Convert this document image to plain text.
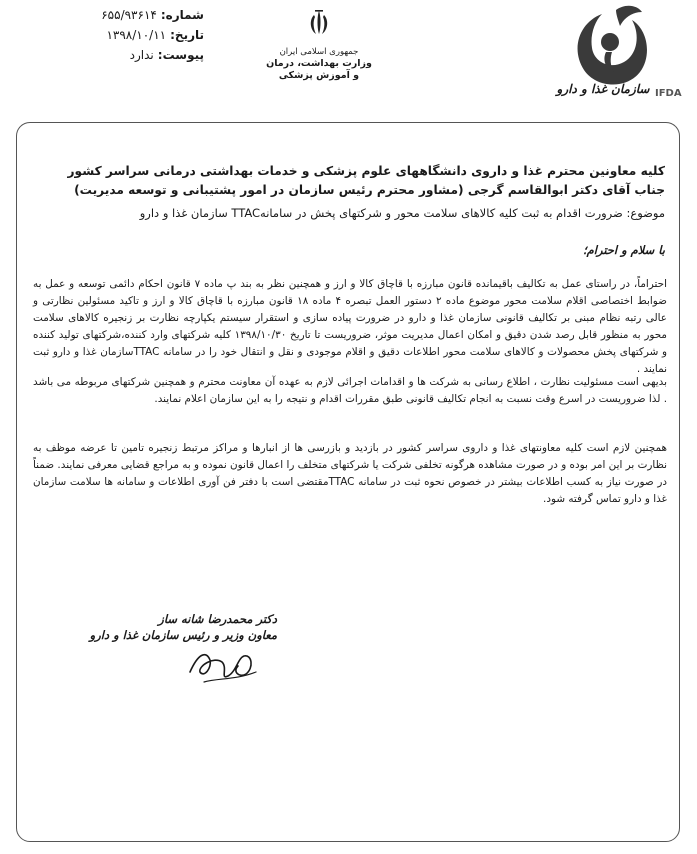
شماره:
۶۵۵/۹۳۶۱۴
تاریخ:
۱۳۹۸/۱۰/۱۱
پیوست:
ندارد	جمهوری اسلامی ایران
وزارت بهداشت، درمان
و آموزش پزشکی
سازمان غذا و دارو IFDA
کلیه معاونین محترم غذا و داروی دانشگاههای علوم پزشکی و خدمات بهداشتی درمانی سراسر کشور
جناب آقای دکتر ابوالقاسم گرجی (مشاور محترم رئیس سازمان در امور پشتیبانی و توسعه مدیریت)
موضوع: ضرورت اقدام به ثبت کلیه کالاهای سلامت محور و شرکتهای پخش در سامانهTTAC سازمان غذا و دارو
با سلام و احترام؛

احتراماً، در راستای عمل به تکالیف باقیمانده قانون مبارزه با قاچاق کالا و ارز و همچنین نظر به بند پ ماده ۷ قانون احکام دائمی توسعه و عمل به ضوابط اختصاصی اقلام سلامت محور موضوع ماده ۲ دستور العمل تبصره ۴ ماده ۱۸ قانون مبارزه با قاچاق کالا و ارز و تاکید مسئولین نظارتی و عالی رتبه نظام مبنی بر تکالیف قانونی سازمان غذا و دارو در ضرورت پیاده سازی و استقرار سیستم یکپارچه نظارت بر زنجیره کالاهای سلامت محور به منظور قابل رصد شدن دقیق و امکان اعمال مدیریت موثر، ضروریست تا تاریخ ۱۳۹۸/۱۰/۳۰ کلیه شرکتهای وارد کننده،شرکتهای تولید کننده و شرکتهای پخش محصولات و کالاهای سلامت محور اطلاعات دقیق و اقلام موجودی و نقل و انتقال خود را در سامانه TTACسازمان غذا و دارو ثبت نمایند .

بدیهی است مسئولیت نظارت ، اطلاع رسانی به شرکت ها و اقدامات اجرائی لازم به عهده آن معاونت محترم و همچنین شرکتهای مربوطه می باشد . لذا ضروریست در اسرع وقت نسبت به انجام تکالیف قانونی طبق مقررات اقدام و نتیجه را به این سازمان اعلام نمایند.

همچنین لازم است کلیه معاونتهای غذا و داروی سراسر کشور در بازدید و بازرسی ها از انبارها و مراکز مرتبط زنجیره تامین تا عرضه موظف به نظارت بر این امر بوده و در صورت مشاهده هرگونه تخلفی شرکت یا شرکتهای متخلف را اعمال قانون نموده و به مراجع قضایی معرفی نمایند. ضمناً در صورت نیاز به کسب اطلاعات بیشتر در خصوص نحوه ثبت در سامانه TTACمقتضی است با دفتر فن آوری اطلاعات و سامانه ها سلامت سازمان غذا و دارو تماس گرفته شود.

دکتر محمدرضا شانه ساز
معاون وزیر و رئیس سازمان غذا و دارو
